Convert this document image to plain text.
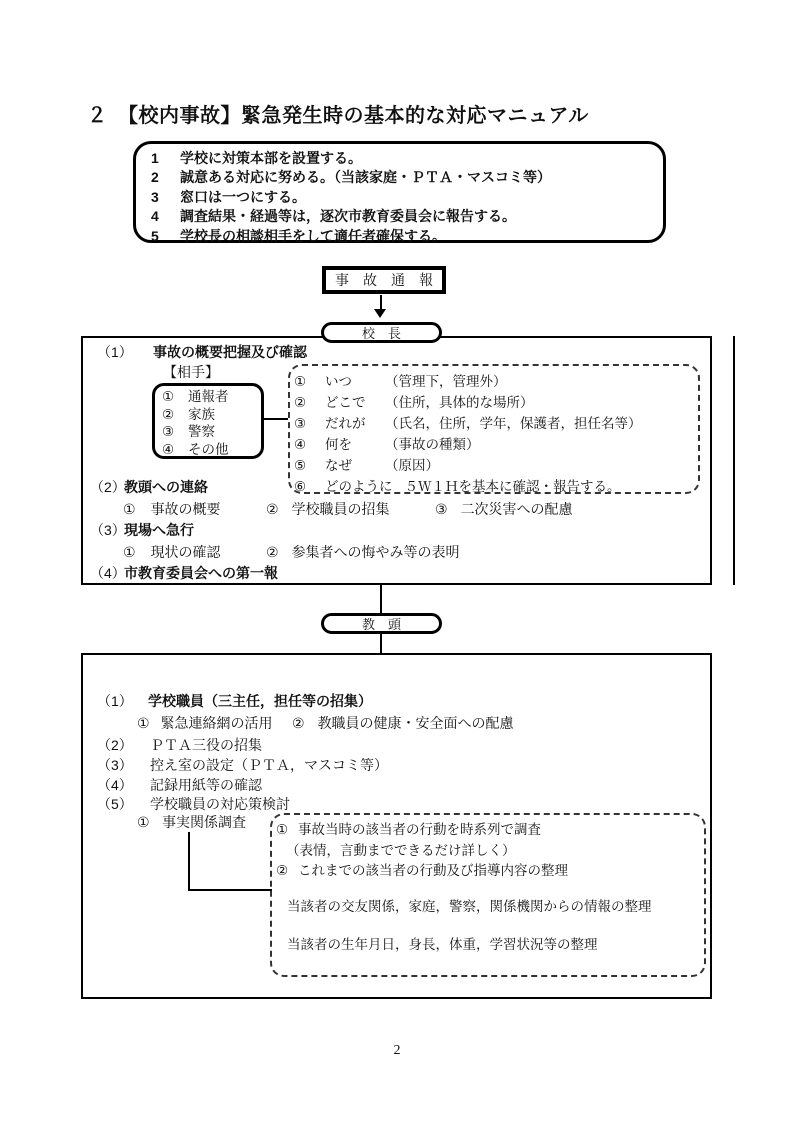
２　【校内事故】緊急発生時の基本的な対応マニュアル
1	学校に対策本部を設置する。
2	誠意ある対応に努める。（当該家庭・ＰＴＡ・マスコミ等）
3	窓口は一つにする。
4	調査結果・経過等は，逐次市教育委員会に報告する。
5	学校長の相談相手をして適任者確保する。
事　故　通　報
校　長
（1） 事故の概要把握及び確認
【相手】
①	通報者
②	家族
③	警察
④	その他
①	いつ	（管理下，管理外）
②	どこで	（住所，具体的な場所）
③	だれが	（氏名，住所，学年，保護者，担任名等）
④	何を	（事故の種類）
⑤	なぜ	（原因）
⑥	どのように ５Ｗ１Ｈを基本に確認・報告する。
（2）
教頭への連絡
① 事故の概要	② 学校職員の招集	③ 二次災害への配慮
（3）
現場へ急行
① 現状の確認	② 参集者への悔やみ等の表明
（4）
市教育委員会への第一報
教　頭
（1） 学校職員（三主任，担任等の招集）
① 緊急連絡網の活用 ② 教職員の健康・安全面への配慮
（2） ＰＴＡ三役の招集
（3） 控え室の設定（ＰＴＡ，マスコミ等）
（4） 記録用紙等の確認
（5） 学校職員の対応策検討
① 事実関係調査 ① 事故当時の該当者の行動を時系列で調査
（表情，言動までできるだけ詳しく）
② これまでの該当者の行動及び指導内容の整理
当該者の交友関係，家庭，警察，関係機関からの情報の整理
当該者の生年月日，身長，体重，学習状況等の整理
2
